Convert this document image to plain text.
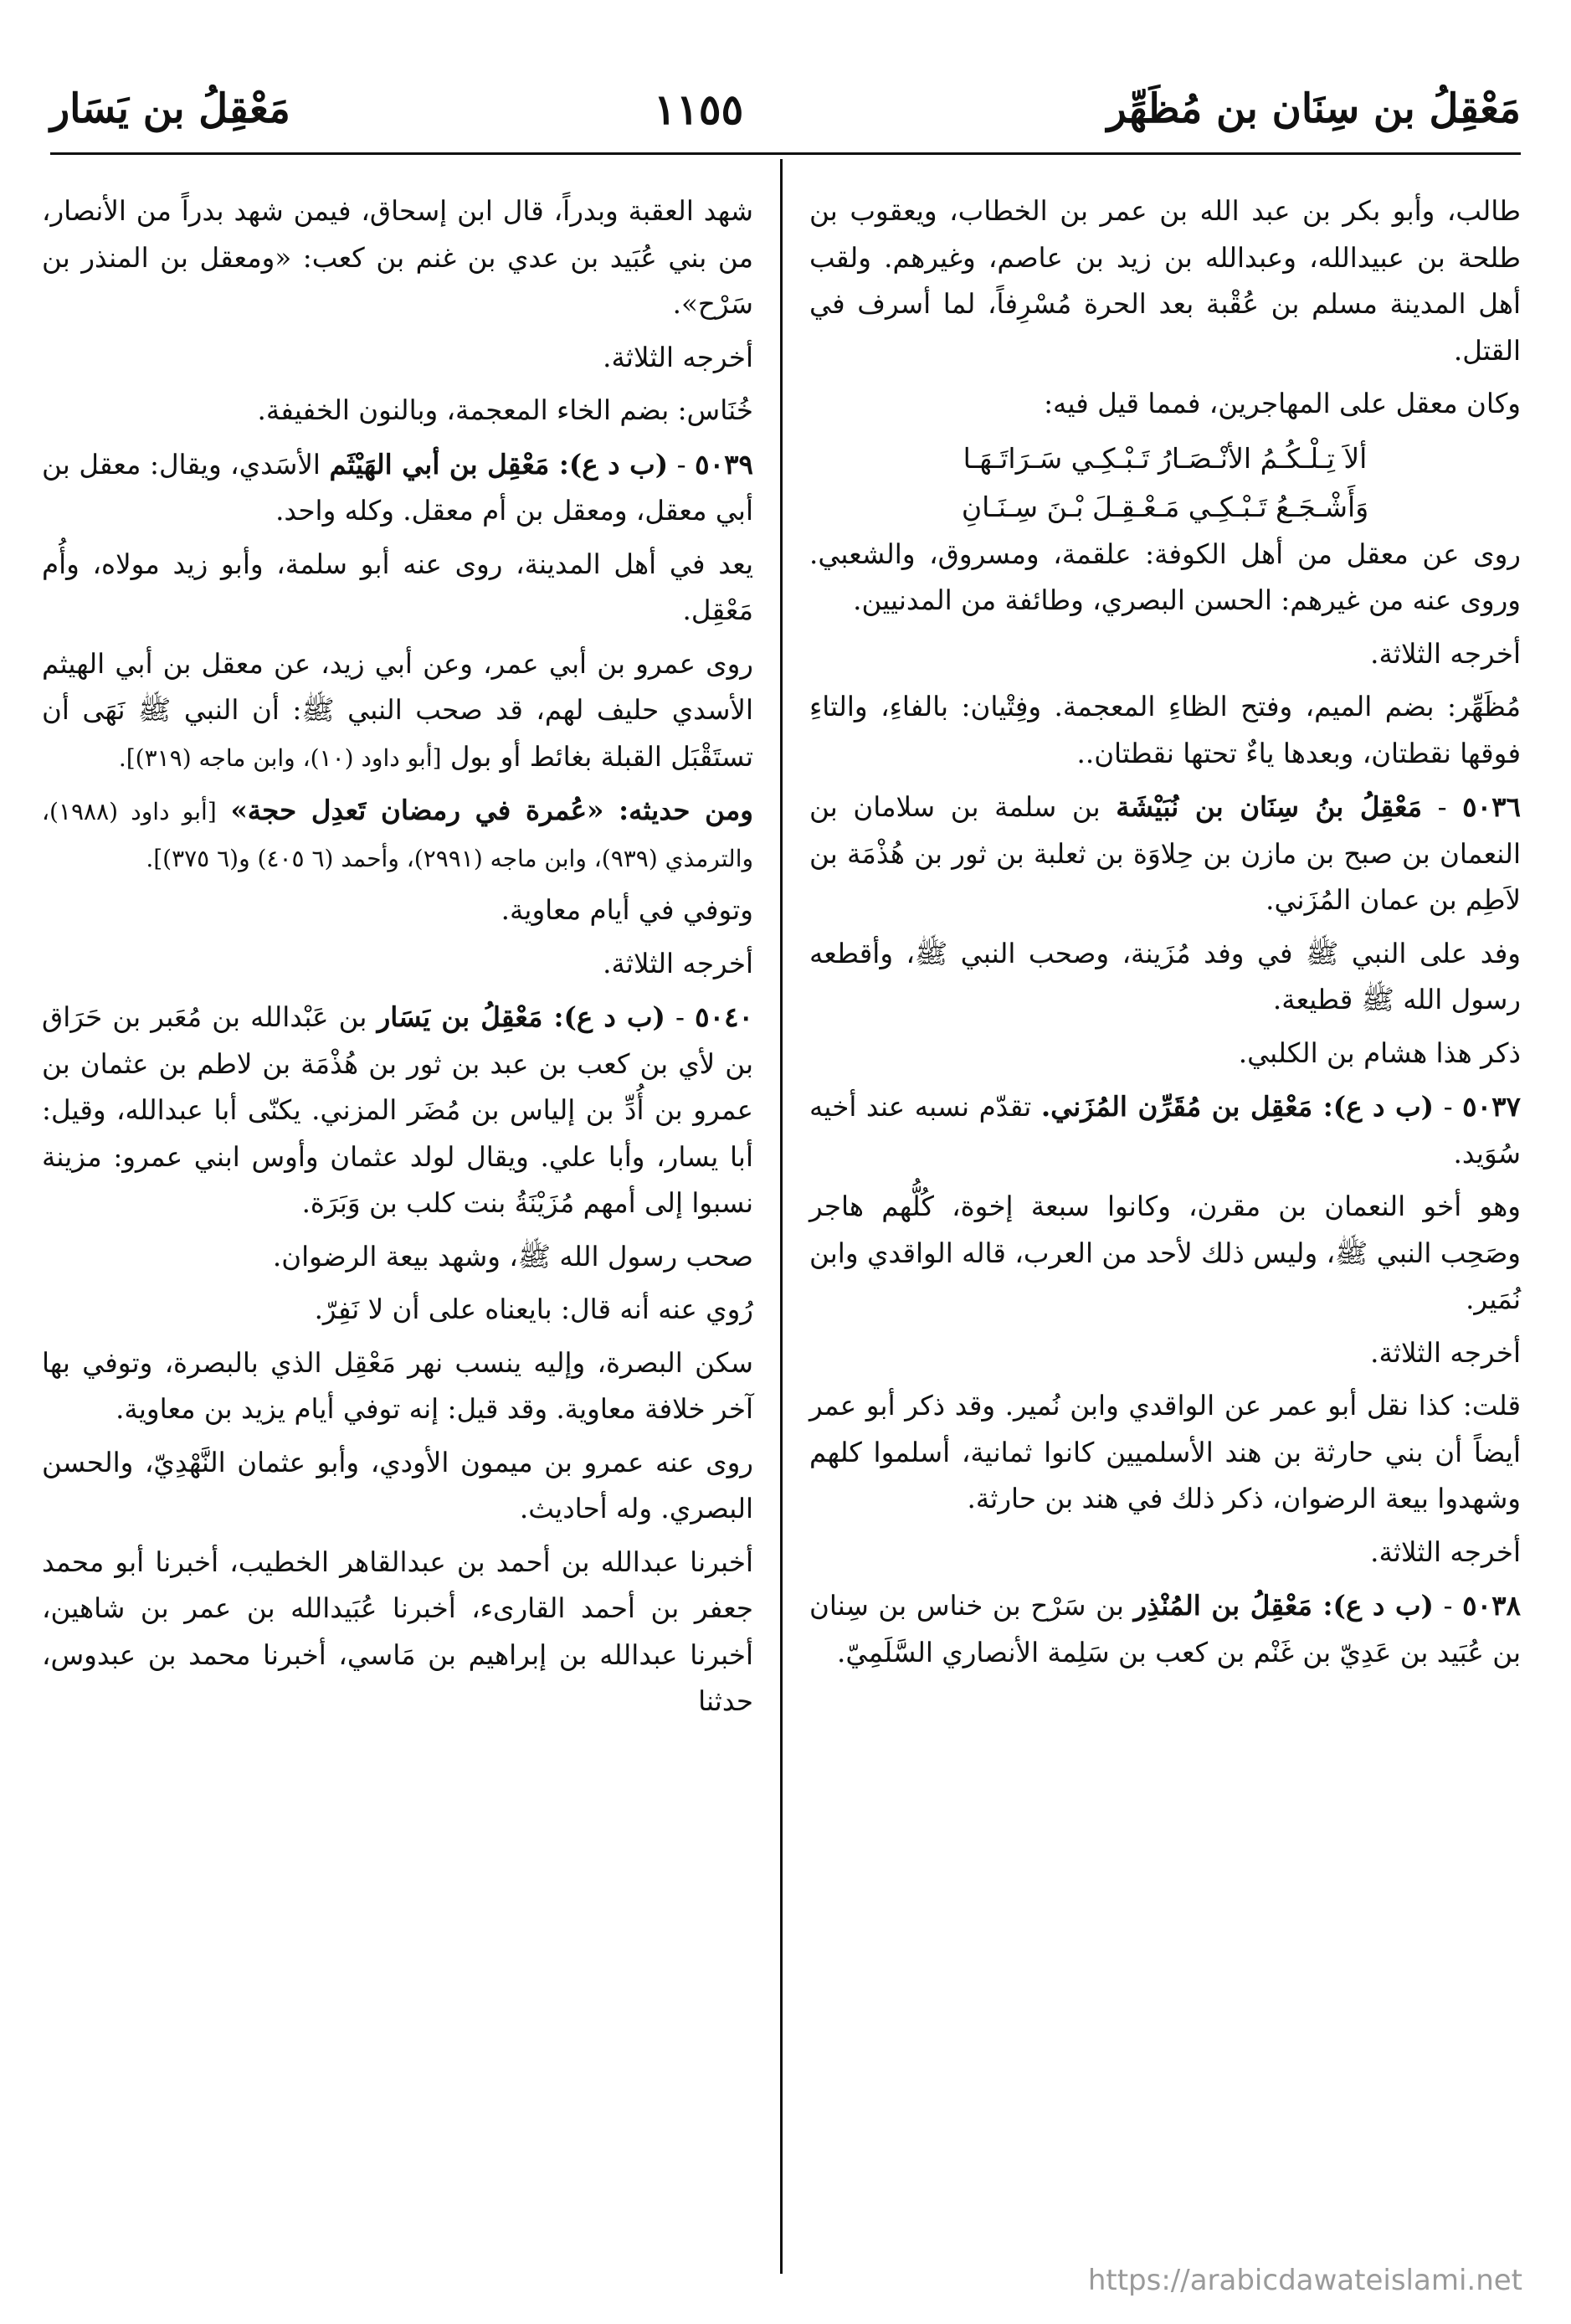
مَعْقِلُ بن سِنَان بن مُظَهِّر
١١٥٥
مَعْقِلُ بن يَسَار

طالب، وأبو بكر بن عبد الله بن عمر بن الخطاب، ويعقوب بن طلحة بن عبيدالله، وعبدالله بن زيد بن عاصم، وغيرهم. ولقب أهل المدينة مسلم بن عُقْبة بعد الحرة مُسْرِفاً، لما أسرف في القتل.

وكان معقل على المهاجرين، فمما قيل فيه:

ألاَ تِـلْـكُـمُ الأنْـصَـارُ تَـبْـكِـي سَـرَاتَـهَـا

وَأَشْـجَـعُ تَـبْـكِـي مَـعْـقِـلَ بْـنَ سِـنَـانِ

روى عن معقل من أهل الكوفة: علقمة، ومسروق، والشعبي. وروى عنه من غيرهم: الحسن البصري، وطائفة من المدنيين.

أخرجه الثلاثة.

مُظَهِّر: بضم الميم، وفتح الظاءِ المعجمة. وفِتْيان: بالفاءِ، والتاءِ فوقها نقطتان، وبعدها ياءٌ تحتها نقطتان..

٥٠٣٦ - مَعْقِلُ بنُ سِنَان بن نُبَيْشَة بن سلمة بن سلامان بن النعمان بن صبح بن مازن بن حِلاوَة بن ثعلبة بن ثور بن هُذْمَة بن لاَطِم بن عمان المُزَني.

وفد على النبي ﷺ في وفد مُزَينة، وصحب النبي ﷺ، وأقطعه رسول الله ﷺ قطيعة.

ذكر هذا هشام بن الكلبي.

٥٠٣٧ - (ب د ع): مَعْقِل بن مُقَرِّن المُزَني. تقدّم نسبه عند أخيه سُوَيد.

وهو أخو النعمان بن مقرن، وكانوا سبعة إخوة، كُلُّهم هاجر وصَحِب النبي ﷺ، وليس ذلك لأحد من العرب، قاله الواقدي وابن نُمَير.

أخرجه الثلاثة.

قلت: كذا نقل أبو عمر عن الواقدي وابن نُمير. وقد ذكر أبو عمر أيضاً أن بني حارثة بن هند الأسلميين كانوا ثمانية، أسلموا كلهم وشهدوا بيعة الرضوان، ذكر ذلك في هند بن حارثة.

أخرجه الثلاثة.

٥٠٣٨ - (ب د ع): مَعْقِلُ بن المُنْذِر بن سَرْح بن خناس بن سِنان بن عُبَيد بن عَدِيّ بن غَنْم بن كعب بن سَلِمة الأنصاري السَّلَمِيّ.

شهد العقبة وبدراً، قال ابن إسحاق، فيمن شهد بدراً من الأنصار، من بني عُبَيد بن عدي بن غنم بن كعب: «ومعقل بن المنذر بن سَرْح».

أخرجه الثلاثة.

خُنَاس: بضم الخاء المعجمة، وبالنون الخفيفة.

٥٠٣٩ - (ب د ع): مَعْقِل بن أبي الهَيْثَم الأسَدي، ويقال: معقل بن أبي معقل، ومعقل بن أم معقل. وكله واحد.

يعد في أهل المدينة، روى عنه أبو سلمة، وأبو زيد مولاه، وأُم مَعْقِل.

روى عمرو بن أبي عمر، وعن أبي زيد، عن معقل بن أبي الهيثم الأسدي حليف لهم، قد صحب النبي ﷺ: أن النبي ﷺ نَهَى أن تستَقْبَل القبلة بغائط أو بول [أبو داود (١٠)، وابن ماجه (٣١٩)].

ومن حديثه: «عُمرة في رمضان تَعدِل حجة» [أبو داود (١٩٨٨)، والترمذي (٩٣٩)، وابن ماجه (٢٩٩١)، وأحمد (٦ ٤٠٥) و(٦ ٣٧٥)].

وتوفي في أيام معاوية.

أخرجه الثلاثة.

٥٠٤٠ - (ب د ع): مَعْقِلُ بن يَسَار بن عَبْدالله بن مُعَبر بن حَرَاق بن لأي بن كعب بن عبد بن ثور بن هُذْمَة بن لاطم بن عثمان بن عمرو بن أُدِّ بن إلياس بن مُضَر المزني. يكنّى أبا عبدالله، وقيل: أبا يسار، وأبا علي. ويقال لولد عثمان وأوس ابني عمرو: مزينة نسبوا إلى أمهم مُزَيْنَةُ بنت كلب بن وَبَرَة.

صحب رسول الله ﷺ، وشهد بيعة الرضوان.

رُوي عنه أنه قال: بايعناه على أن لا نَفِرّ.

سكن البصرة، وإليه ينسب نهر مَعْقِل الذي بالبصرة، وتوفي بها آخر خلافة معاوية. وقد قيل: إنه توفي أيام يزيد بن معاوية.

روى عنه عمرو بن ميمون الأودي، وأبو عثمان النَّهْدِيّ، والحسن البصري. وله أحاديث.

أخبرنا عبدالله بن أحمد بن عبدالقاهر الخطيب، أخبرنا أبو محمد جعفر بن أحمد القارىء، أخبرنا عُبَيدالله بن عمر بن شاهين، أخبرنا عبدالله بن إبراهيم بن مَاسي، أخبرنا محمد بن عبدوس، حدثنا

https://arabicdawateislami.net
